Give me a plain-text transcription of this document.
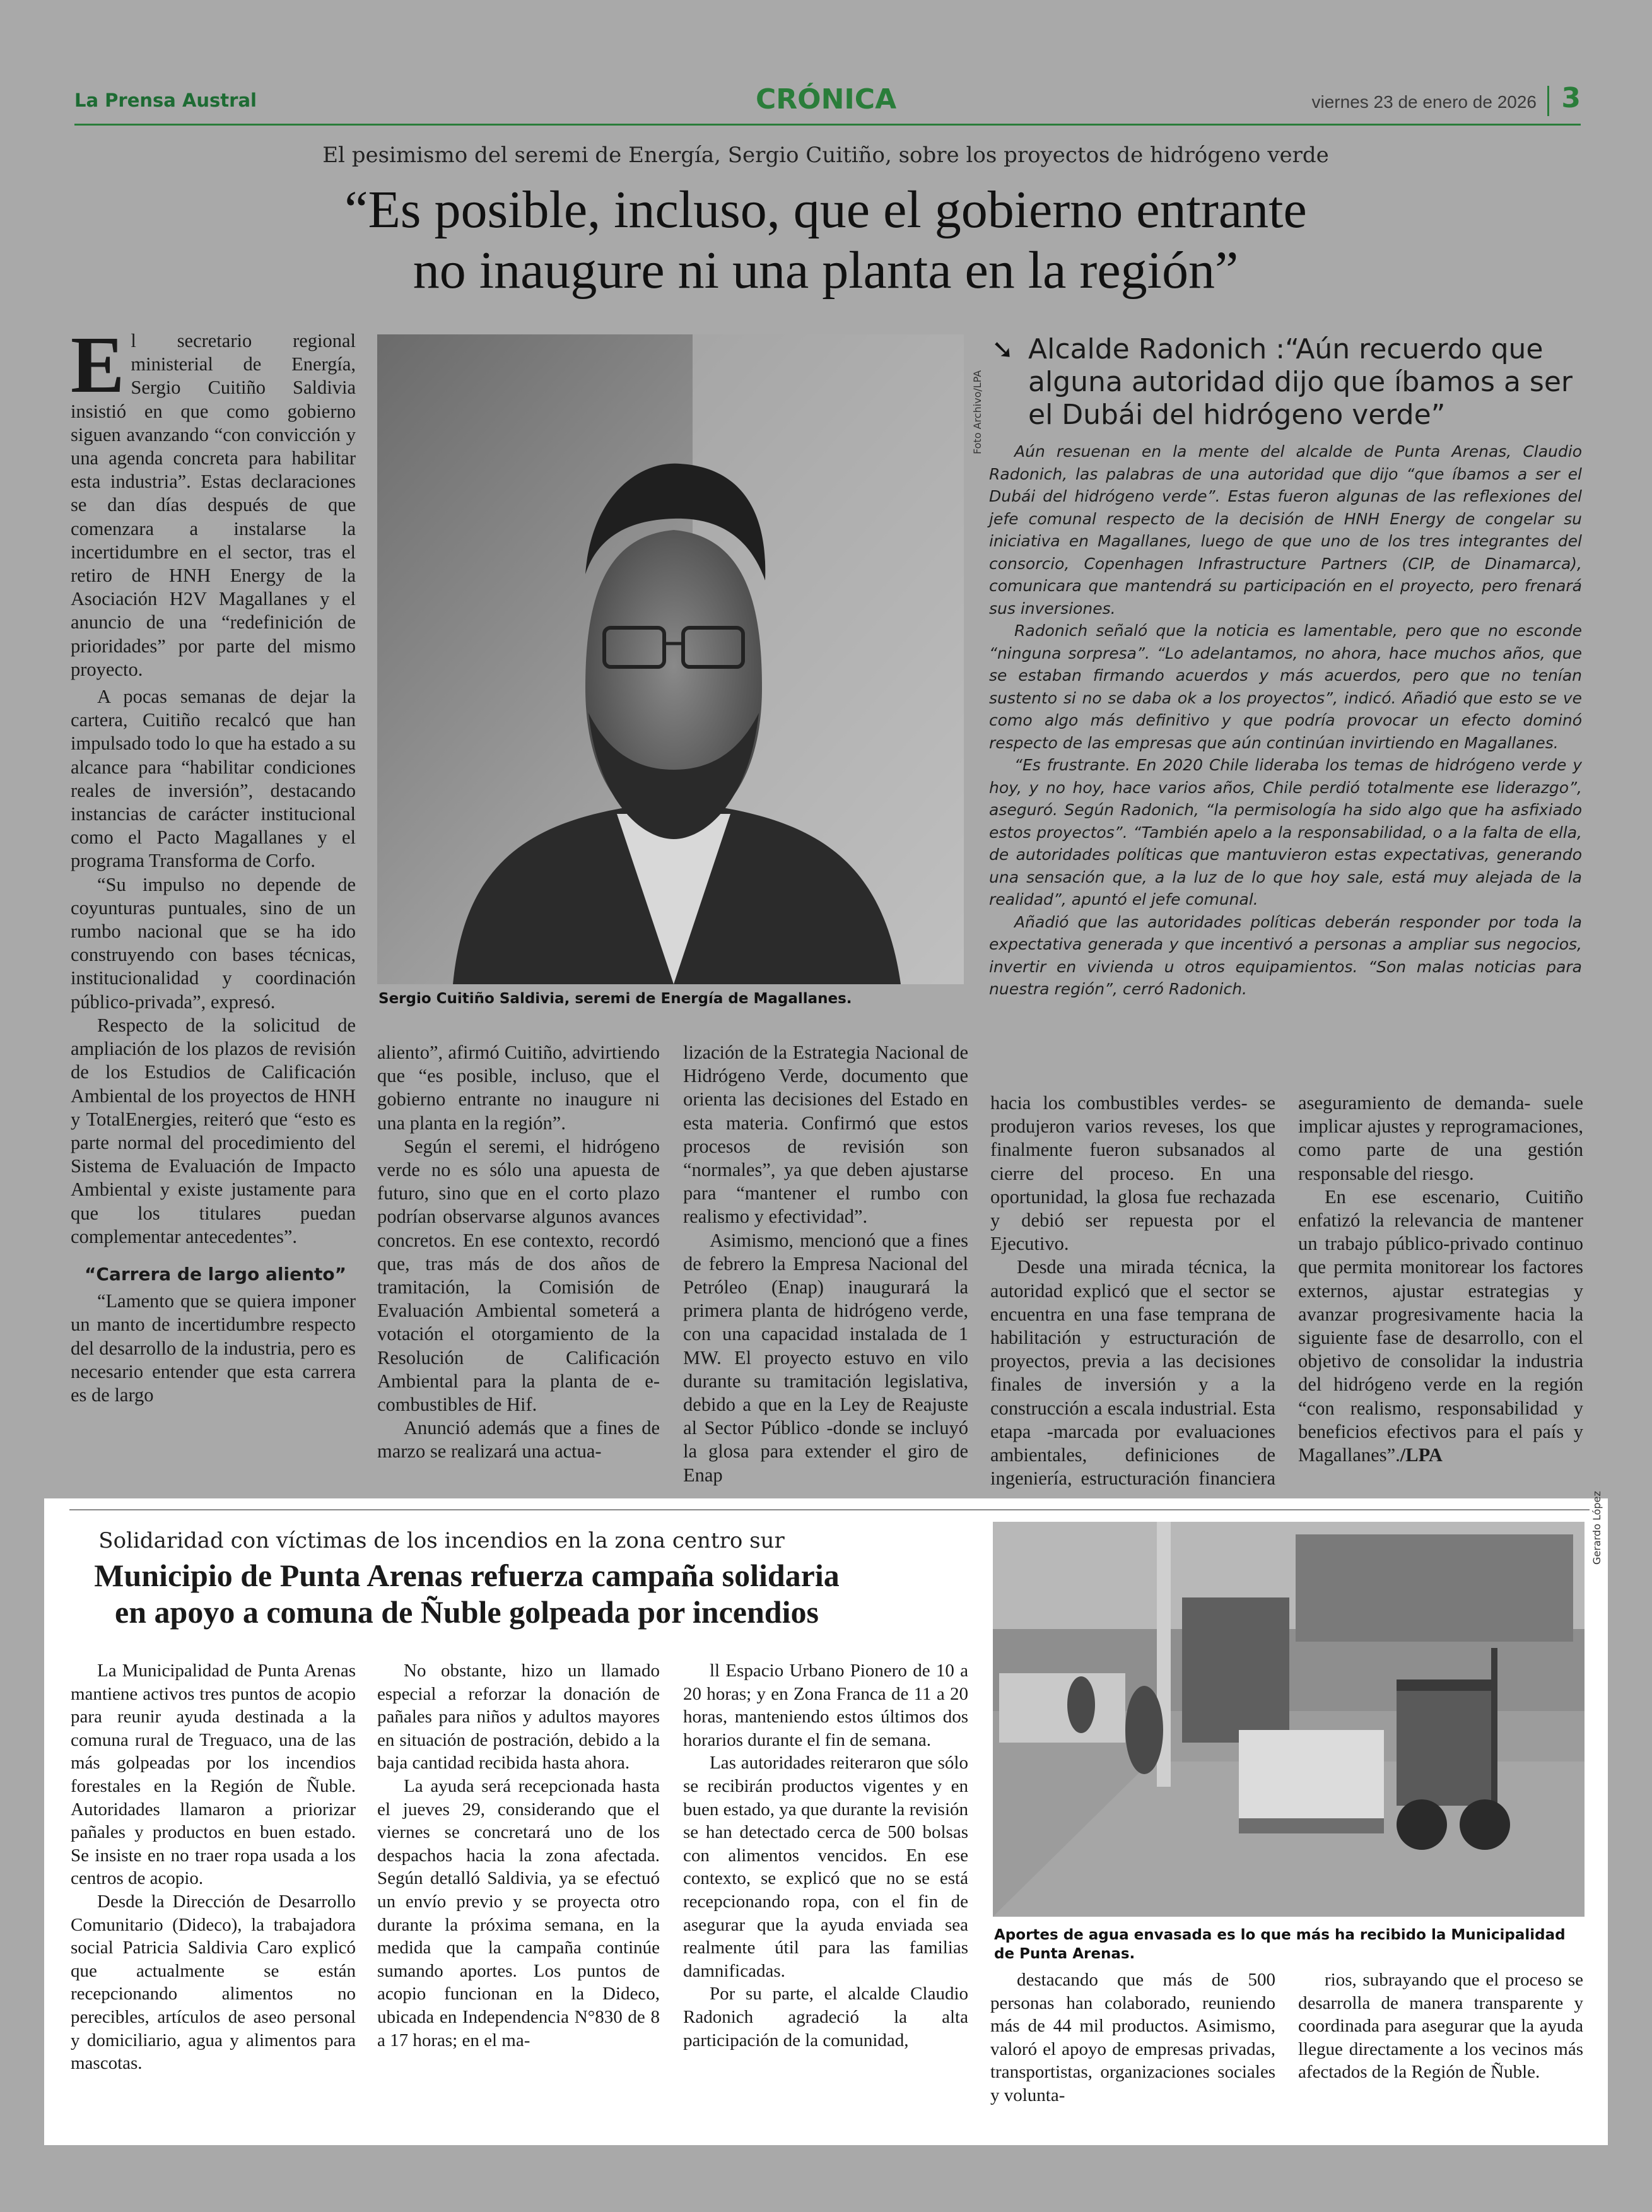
La Prensa Austral	CRÓNICA	viernes 23 de enero de 2026 3
El pesimismo del seremi de Energía, Sergio Cuitiño, sobre los proyectos de hidrógeno verde
“Es posible, incluso, que el gobierno entrante
no inaugure ni una planta en la región”

El secretario regional ministerial de Energía, Sergio Cuitiño Saldivia insistió en que como gobierno siguen avanzando “con convicción y una agenda concreta para habilitar esta industria”. Estas declaraciones se dan días después de que comenzara a instalarse la incertidumbre en el sector, tras el retiro de HNH Energy de la Asociación H2V Magallanes y el anuncio de una “redefinición de prioridades” por parte del mismo proyecto.

A pocas semanas de dejar la cartera, Cuitiño recalcó que han impulsado todo lo que ha estado a su alcance para “habilitar condiciones reales de inversión”, destacando instancias de carácter institucional como el Pacto Magallanes y el programa Transforma de Corfo.

“Su impulso no depende de coyunturas puntuales, sino de un rumbo nacional que se ha ido construyendo con bases técnicas, institucionalidad y coordinación público-privada”, expresó.

Respecto de la solicitud de ampliación de los plazos de revisión de los Estudios de Calificación Ambiental de los proyectos de HNH y TotalEnergies, reiteró que “esto es parte normal del procedimiento del Sistema de Evaluación de Impacto Ambiental y existe justamente para que los titulares puedan complementar antecedentes”.

“Carrera de largo aliento”

“Lamento que se quiera imponer un manto de incertidumbre respecto del desarrollo de la industria, pero es necesario entender que esta carrera es de largo

Foto Archivo/LPA
Sergio Cuitiño Saldivia, seremi de Energía de Magallanes.
➘ Alcalde Radonich :“Aún recuerdo que alguna autoridad dijo que íbamos a ser el Dubái del hidrógeno verde”

Aún resuenan en la mente del alcalde de Punta Arenas, Claudio Radonich, las palabras de una autoridad que dijo “que íbamos a ser el Dubái del hidrógeno verde”. Estas fueron algunas de las reflexiones del jefe comunal respecto de la decisión de HNH Energy de congelar su iniciativa en Magallanes, luego de que uno de los tres integrantes del consorcio, Copenhagen Infrastructure Partners (CIP, de Dinamarca), comunicara que mantendrá su participación en el proyecto, pero frenará sus inversiones.

Radonich señaló que la noticia es lamentable, pero que no esconde “ninguna sorpresa”. “Lo adelantamos, no ahora, hace muchos años, que se estaban firmando acuerdos y más acuerdos, pero que no tenían sustento si no se daba ok a los proyectos”, indicó. Añadió que esto se ve como algo más definitivo y que podría provocar un efecto dominó respecto de las empresas que aún continúan invirtiendo en Magallanes.

“Es frustrante. En 2020 Chile lideraba los temas de hidrógeno verde y hoy, y no hoy, hace varios años, Chile perdió totalmente ese liderazgo”, aseguró. Según Radonich, “la permisología ha sido algo que ha asfixiado estos proyectos”. “También apelo a la responsabilidad, o a la falta de ella, de autoridades políticas que mantuvieron estas expectativas, generando una sensación que, a la luz de lo que hoy sale, está muy alejada de la realidad”, apuntó el jefe comunal.

Añadió que las autoridades políticas deberán responder por toda la expectativa generada y que incentivó a personas a ampliar sus negocios, invertir en vivienda u otros equipamientos. “Son malas noticias para nuestra región”, cerró Radonich.

aliento”, afirmó Cuitiño, advirtiendo que “es posible, incluso, que el gobierno entrante no inaugure ni una planta en la región”.

Según el seremi, el hidrógeno verde no es sólo una apuesta de futuro, sino que en el corto plazo podrían observarse algunos avances concretos. En ese contexto, recordó que, tras más de dos años de tramitación, la Comisión de Evaluación Ambiental someterá a votación el otorgamiento de la Resolución de Calificación Ambiental para la planta de e-combustibles de Hif.

Anunció además que a fines de marzo se realizará una actua-

lización de la Estrategia Nacional de Hidrógeno Verde, documento que orienta las decisiones del Estado en esta materia. Confirmó que estos procesos de revisión son “normales”, ya que deben ajustarse para “mantener el rumbo con realismo y efectividad”.

Asimismo, mencionó que a fines de febrero la Empresa Nacional del Petróleo (Enap) inaugurará la primera planta de hidrógeno verde, con una capacidad instalada de 1 MW. El proyecto estuvo en vilo durante su tramitación legislativa, debido a que en la Ley de Reajuste al Sector Público -donde se incluyó la glosa para extender el giro de Enap

hacia los combustibles verdes- se produjeron varios reveses, los que finalmente fueron subsanados al cierre del proceso. En una oportunidad, la glosa fue rechazada y debió ser repuesta por el Ejecutivo.

Desde una mirada técnica, la autoridad explicó que el sector se encuentra en una fase temprana de habilitación y estructuración de proyectos, previa a las decisiones finales de inversión y a la construcción a escala industrial. Esta etapa -marcada por evaluaciones ambientales, definiciones de ingeniería, estructuración financiera

aseguramiento de demanda- suele implicar ajustes y reprogramaciones, como parte de una gestión responsable del riesgo.

En ese escenario, Cuitiño enfatizó la relevancia de mantener un trabajo público-privado continuo que permita monitorear los factores externos, ajustar estrategias y avanzar progresivamente hacia la siguiente fase de desarrollo, con el objetivo de consolidar la industria del hidrógeno verde en la región “con realismo, responsabilidad y beneficios efectivos para el país y Magallanes”./LPA

Solidaridad con víctimas de los incendios en la zona centro sur
Municipio de Punta Arenas refuerza campaña solidaria
en apoyo a comuna de Ñuble golpeada por incendios

La Municipalidad de Punta Arenas mantiene activos tres puntos de acopio para reunir ayuda destinada a la comuna rural de Treguaco, una de las más golpeadas por los incendios forestales en la Región de Ñuble. Autoridades llamaron a priorizar pañales y productos en buen estado. Se insiste en no traer ropa usada a los centros de acopio.

Desde la Dirección de Desarrollo Comunitario (Dideco), la trabajadora social Patricia Saldivia Caro explicó que actualmente se están recepcionando alimentos no perecibles, artículos de aseo personal y domiciliario, agua y alimentos para mascotas.

No obstante, hizo un llamado especial a reforzar la donación de pañales para niños y adultos mayores en situación de postración, debido a la baja cantidad recibida hasta ahora.

La ayuda será recepcionada hasta el jueves 29, considerando que el viernes se concretará uno de los despachos hacia la zona afectada. Según detalló Saldivia, ya se efectuó un envío previo y se proyecta otro durante la próxima semana, en la medida que la campaña continúe sumando aportes. Los puntos de acopio funcionan en la Dideco, ubicada en Independencia N°830 de 8 a 17 horas; en el ma-

ll Espacio Urbano Pionero de 10 a 20 horas; y en Zona Franca de 11 a 20 horas, manteniendo estos últimos dos horarios durante el fin de semana.

Las autoridades reiteraron que sólo se recibirán productos vigentes y en buen estado, ya que durante la revisión se han detectado cerca de 500 bolsas con alimentos vencidos. En ese contexto, se explicó que no se está recepcionando ropa, con el fin de asegurar que la ayuda enviada sea realmente útil para las familias damnificadas.

Por su parte, el alcalde Claudio Radonich agradeció la alta participación de la comunidad,

destacando que más de 500 personas han colaborado, reuniendo más de 44 mil productos. Asimismo, valoró el apoyo de empresas privadas, transportistas, organizaciones sociales y volunta-

rios, subrayando que el proceso se desarrolla de manera transparente y coordinada para asegurar que la ayuda llegue directamente a los vecinos más afectados de la Región de Ñuble.

Gerardo López
Aportes de agua envasada es lo que más ha recibido la Municipalidad de Punta Arenas.
